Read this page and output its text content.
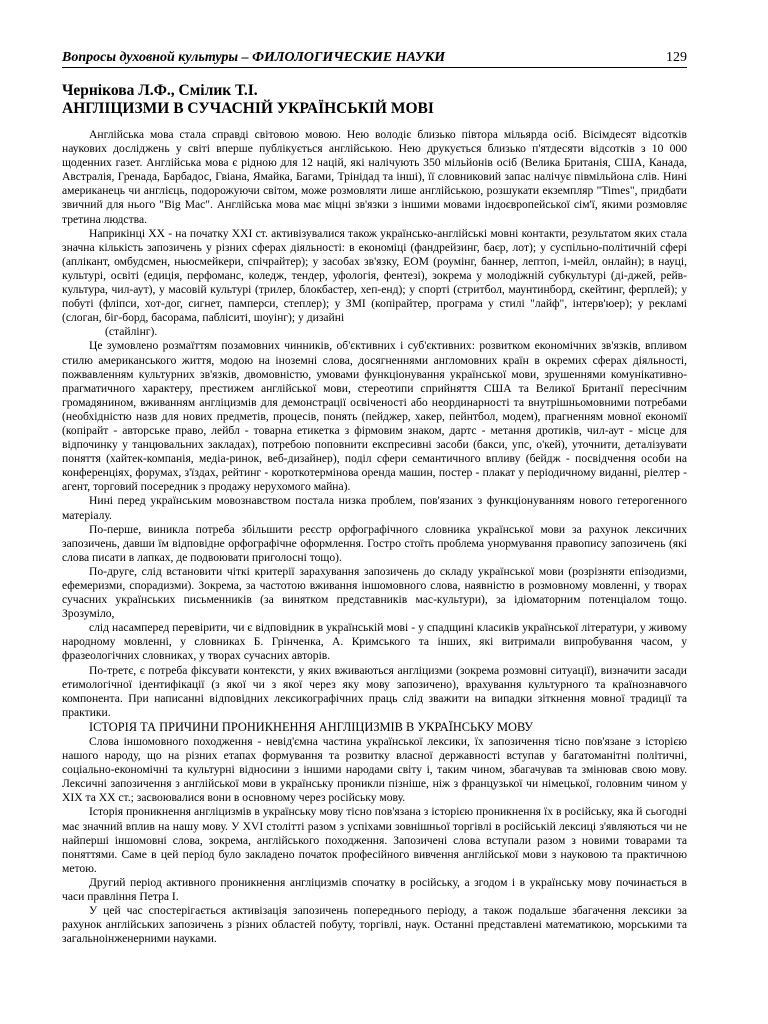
Вопросы духовной культуры – ФИЛОЛОГИЧЕСКИЕ НАУКИ	129
Чернікова Л.Ф., Смілик Т.І.
АНГЛІЦИЗМИ В СУЧАСНІЙ УКРАЇНСЬКІЙ МОВІ

Англійська мова стала справді світовою мовою. Нею володіє близько півтора мільярда осіб. Вісімдесят відсотків наукових досліджень у світі вперше публікується англійською. Нею друкується близько п'ятдесяти відсотків з 10 000 щоденних газет. Англійська мова є рідною для 12 націй, які налічують 350 мільйонів осіб (Велика Британія, США, Канада, Австралія, Гренада, Барбадос, Гвіана, Ямайка, Багами, Трінідад та інші), її словниковий запас налічує півмільйона слів. Нині американець чи англієць, подорожуючи світом, може розмовляти лише англійською, розшукати екземпляр "Times", придбати звичний для нього "Big Mac". Англійська мова має міцні зв'язки з іншими мовами індоєвропейської сім'ї, якими розмовляє третина людства.

Наприкінці ХХ - на початку ХХІ ст. активізувалися також українсько-англійські мовні контакти, результатом яких стала значна кількість запозичень у різних сферах діяльності: в економіці (фандрейзинг, баєр, лот); у суспільно-політичній сфері (аплікант, омбудсмен, ньюсмейкери, спічрайтер); у засобах зв'язку, ЕОМ (роумінг, баннер, лептоп, і-мейл, онлайн); в науці, культурі, освіті (едиція, перфоманс, коледж, тендер, уфологія, фентезі), зокрема у молодіжній субкультурі (ді-джей, рейв-культура, чил-аут), у масовій культурі (трилер, блокбастер, хеп-енд); у спорті (стритбол, маунтинборд, скейтинг, ферплей); у побуті (фліпси, хот-дог, сигнет, памперси, степлер); у ЗМІ (копірайтер, програма у стилі "лайф", інтерв'юер); у рекламі (слоган, біг-борд, басорама, пабліситі, шоуінг); у дизайні

(стайлінг).

Це зумовлено розмаїттям позамовних чинників, об'єктивних і суб'єктивних: розвитком економічних зв'язків, впливом стилю американського життя, модою на іноземні слова, досягненнями англомовних країн в окремих сферах діяльності, пожвавленням культурних зв'язків, двомовністю, умовами функціонування української мови, зрушеннями комунікативно-прагматичного характеру, престижем англійської мови, стереотипи сприйняття США та Великої Британії пересічним громадянином, вживанням англіцизмів для демонстрації освіченості або неординарності та внутрішньомовними потребами (необхідністю назв для нових предметів, процесів, понять (пейджер, хакер, пейнтбол, модем), прагненням мовної економії (копірайт - авторське право, лейбл - товарна етикетка з фірмовим знаком, дартс - метання дротиків, чил-аут - місце для відпочинку у танцювальних закладах), потребою поповнити експресивні засоби (бакси, упс, о'кей), уточнити, деталізувати поняття (хайтек-компанія, медіа-ринок, веб-дизайнер), поділ сфери семантичного впливу (бейдж - посвідчення особи на конференціях, форумах, з'їздах, рейтинг - короткотермінова оренда машин, постер - плакат у періодичному виданні, ріелтер - агент, торговий посередник з продажу нерухомого майна).

Нині перед українським мовознавством постала низка проблем, пов'язаних з функціонуванням нового гетерогенного матеріалу.

По-перше, виникла потреба збільшити реєстр орфографічного словника української мови за рахунок лексичних запозичень, давши їм відповідне орфографічне оформлення. Гостро стоїть проблема унормування правопису запозичень (які слова писати в лапках, де подвоювати приголосні тощо).

По-друге, слід встановити чіткі критерії зарахування запозичень до складу української мови (розрізняти епізодизми, ефемеризми, спорадизми). Зокрема, за частотою вживання іншомовного слова, наявністю в розмовному мовленні, у творах сучасних українських письменників (за винятком представників мас-культури), за ідіоматорним потенціалом тощо. Зрозуміло,

слід насамперед перевірити, чи є відповідник в українській мові - у спадщині класиків української літератури, у живому народному мовленні, у словниках Б. Грінченка, А. Кримського та інших, які витримали випробування часом, у фразеологічних словниках, у творах сучасних авторів.

По-третє, є потреба фіксувати контексти, у яких вживаються англіцизми (зокрема розмовні ситуації), визначити засади етимологічної ідентифікації (з якої чи з якої через яку мову запозичено), врахування культурного та країнознавчого компонента. При написанні відповідних лексикографічних праць слід зважити на випадки зіткнення мовної традиції та практики.

ІСТОРІЯ ТА ПРИЧИНИ ПРОНИКНЕННЯ АНГЛІЦИЗМІВ В УКРАЇНСЬКУ МОВУ

Слова іншомовного походження - невід'ємна частина української лексики, їх запозичення тісно пов'язане з історією нашого народу, що на різних етапах формування та розвитку власної державності вступав у багатоманітні політичні, соціально-економічні та культурні відносини з іншими народами світу і, таким чином, збагачував та змінював свою мову. Лексичні запозичення з англійської мови в українську проникли пізніше, ніж з французької чи німецької, головним чином у ХІХ та ХХ ст.; засвоювалися вони в основному через російську мову.

Історія проникнення англіцизмів в українську мову тісно пов'язана з історією проникнення їх в російську, яка й сьогодні має значний вплив на нашу мову. У XVI столітті разом з успіхами зовнішньої торгівлі в російській лексиці з'являються чи не найперші іншомовні слова, зокрема, англійського походження. Запозичені слова вступали разом з новими товарами та поняттями. Саме в цей період було закладено початок професійного вивчення англійської мови з науковою та практичною метою.

Другий період активного проникнення англіцизмів спочатку в російську, а згодом і в українську мову починається в часи правління Петра І.

У цей час спостерігається активізація запозичень попереднього періоду, а також подальше збагачення лексики за рахунок англійських запозичень з різних областей побуту, торгівлі, наук. Останні представлені математикою, морськими та загальноінженерними науками.
